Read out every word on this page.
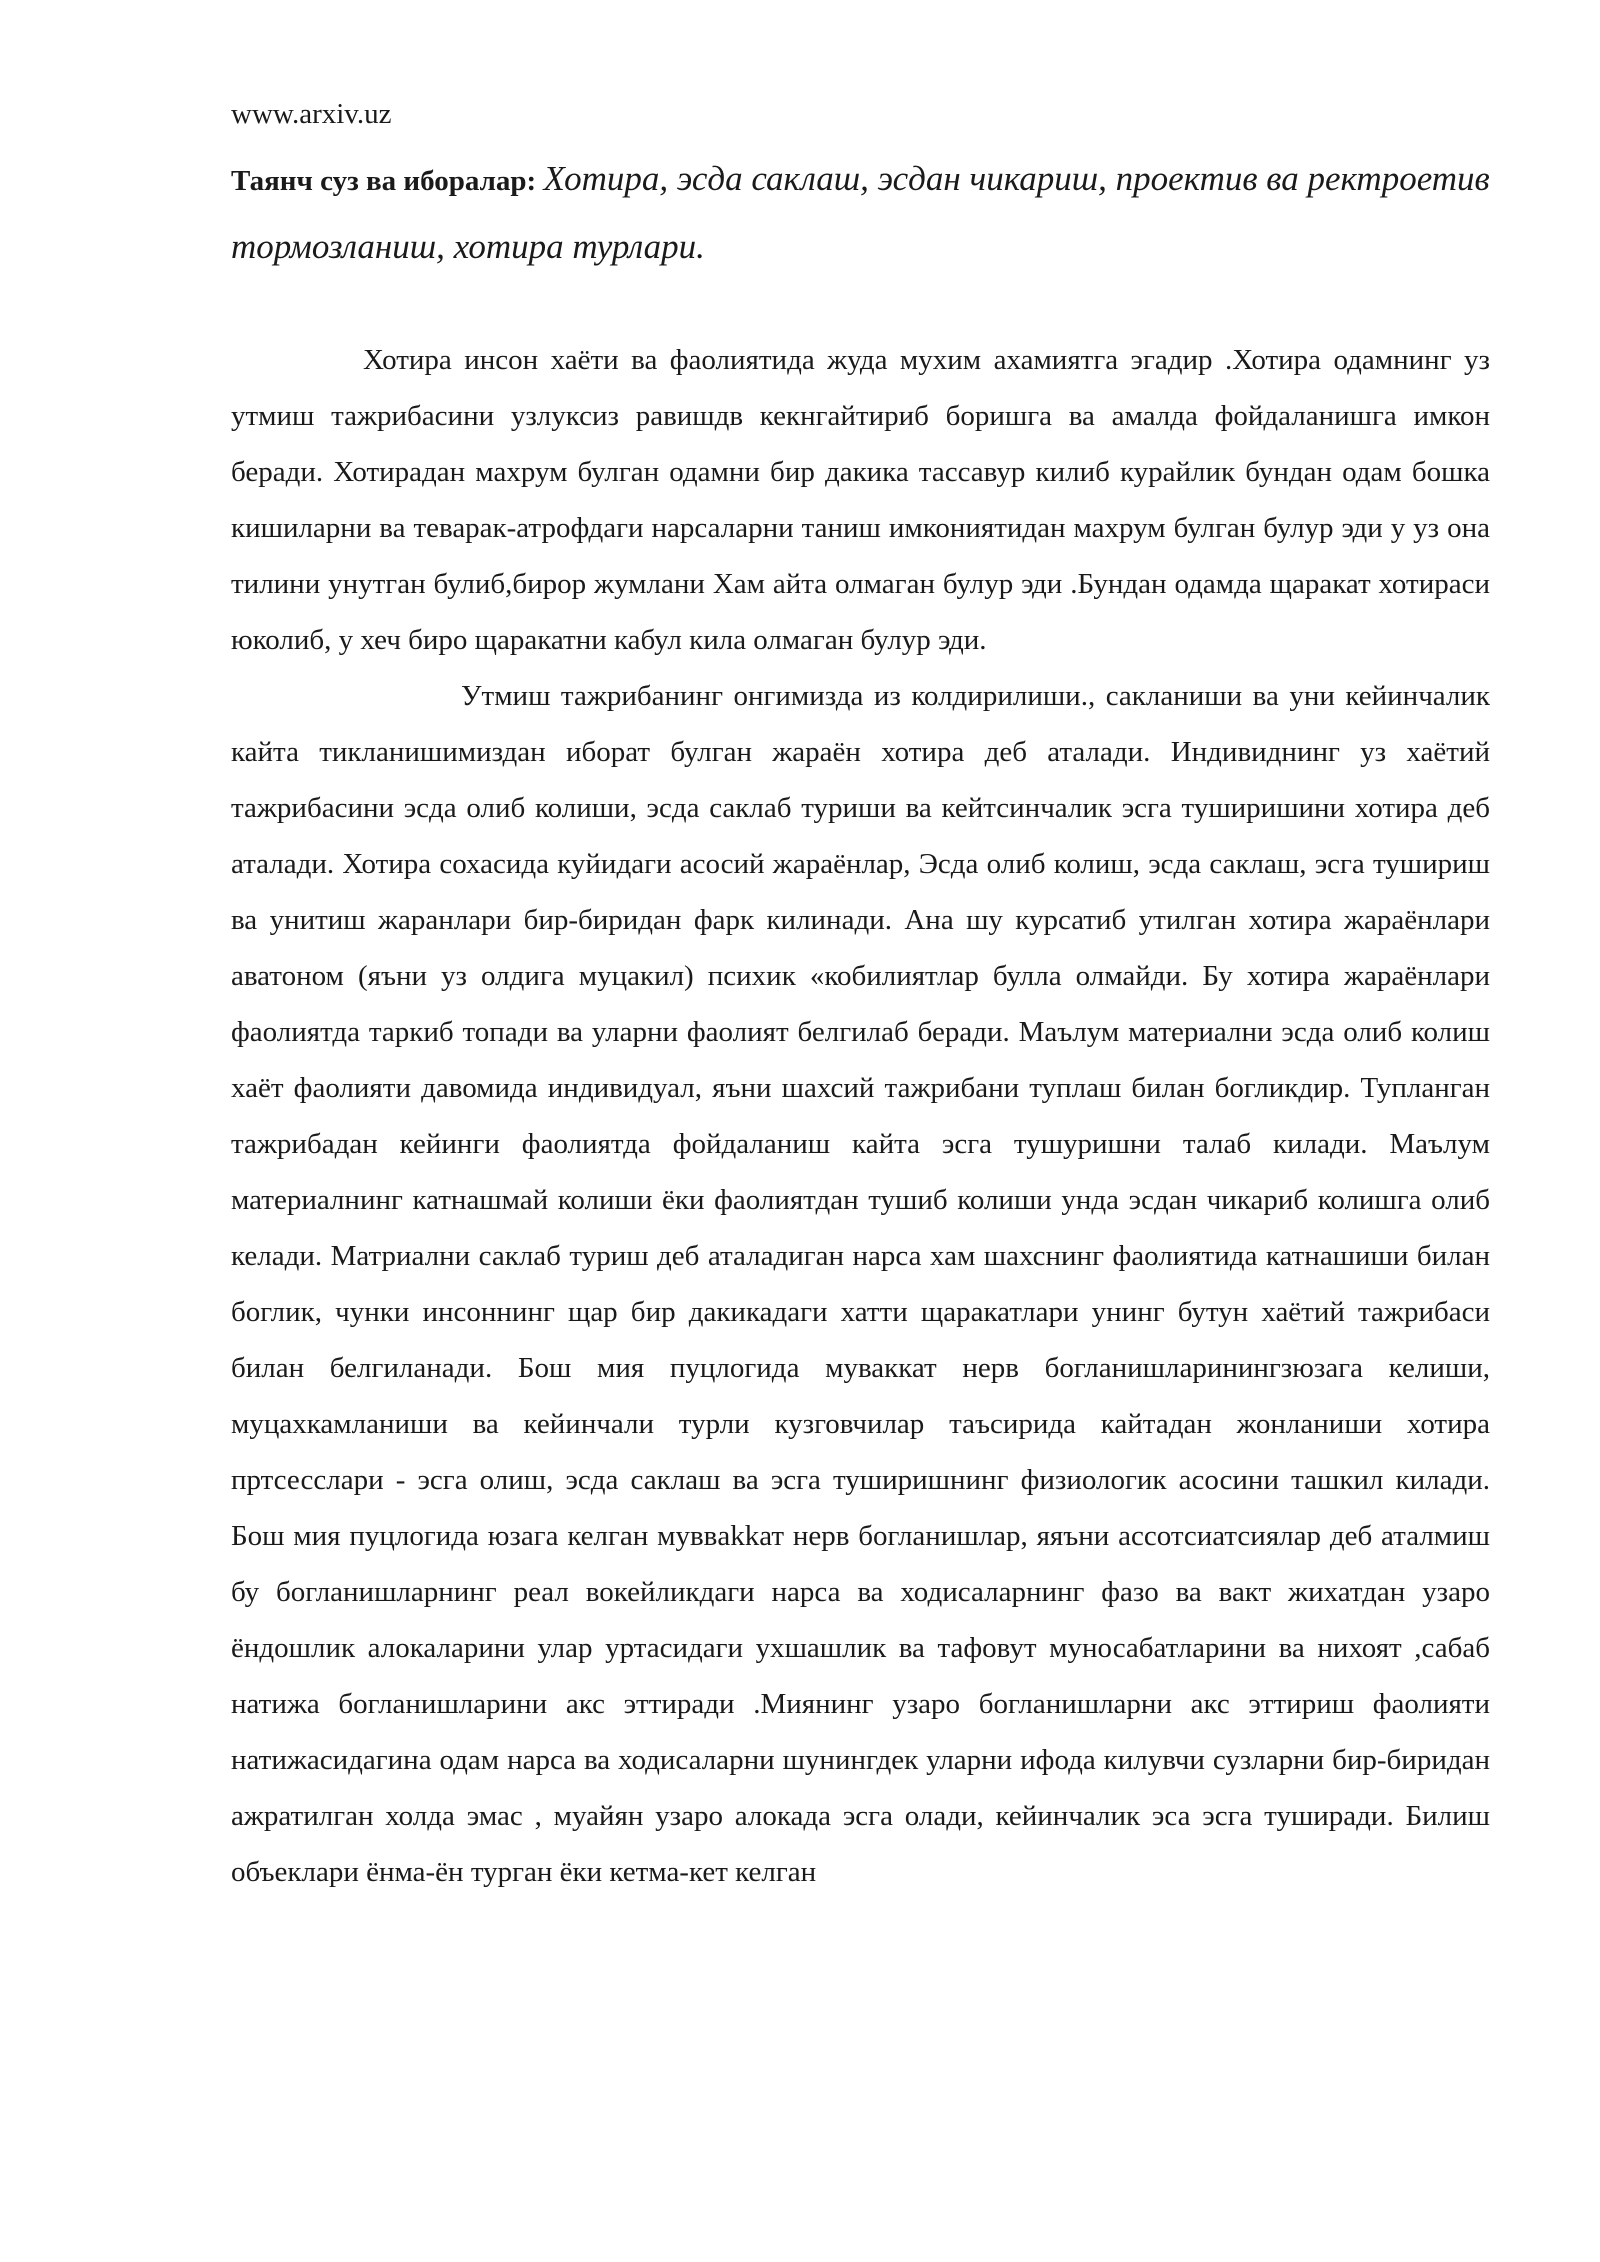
www.arxiv.uz

Таянч суз ва иборалар: Хотира, эсда саклаш, эсдан чикариш, проектив ва ректроетив тормозланиш, хотира турлари.

Хотира инсон хаёти ва фаолиятида жуда мухим ахамиятга эгадир .Хотира одамнинг уз утмиш тажрибасини узлуксиз равишдв кекнгайтириб боришга ва амалда фойдаланишга имкон беради. Хотирадан махрум булган одамни бир дакика тассавур килиб курайлик бундан одам бошка кишиларни ва теварак-атрофдаги нарсаларни таниш имкониятидан махрум булган булур эди у уз она тилини унутган булиб,бирор жумлани Хам айта олмаган булур эди .Бундан одамда щаракат хотираси юколиб, у хеч биро щаракатни кабул кила олмаган булур эди.

Утмиш тажрибанинг онгимизда из колдирилиши., сакланиши ва уни кейинчалик кайта тикланишимиздан иборат булган жараён хотира деб аталади. Индивиднинг уз хаётий тажрибасини эсда олиб колиши, эсда саклаб туриши ва кейтсинчалик эсга туширишини хотира деб аталади. Хотира сохасида куйидаги асосий жараёнлар, Эсда олиб колиш, эсда саклаш, эсга тушириш ва унитиш жаранлари бир-биридан фарк килинади. Ана шу курсатиб утилган хотира жараёнлари аватоном (яъни уз олдига муцакил) психик «кобилиятлар булла олмайди. Бу хотира жараёнлари фаолиятда таркиб топади ва уларни фаолият белгилаб беради. Маълум материални эсда олиб колиш хаёт фаолияти давомида индивидуал, яъни шахсий тажрибани туплаш билан богликдир. Тупланган тажрибадан кейинги фаолиятда фойдаланиш кайта эсга тушуришни талаб килади. Маълум материалнинг катнашмай колиши ёки фаолиятдан тушиб колиши унда эсдан чикариб колишга олиб келади. Матриални саклаб туриш деб аталадиган нарса хам шахснинг фаолиятида катнашиши билан боглик, чунки инсоннинг щар бир дакикадаги хатти щаракатлари унинг бутун хаётий тажрибаси билан белгиланади. Бош мия пуцлогида муваккат нерв богланишларинингзюзага келиши, муцахкамланиши ва кейинчали турли кузговчилар таъсирида кайтадан жонланиши хотира пртсесслари - эсга олиш, эсда саклаш ва эсга туширишнинг физиологик асосини ташкил килади. Бош мия пуцлогида юзага келган муввakkат нерв богланишлар, яяъни ассотсиатсиялар деб аталмиш бу богланишларнинг реал вокейликдаги нарса ва ходисаларнинг фазо ва вакт жихатдан узаро ёндошлик алокаларини улар уртасидаги ухшашлик ва тафовут муносабатларини ва нихоят ,сабаб натижа богланишларини акс эттиради .Миянинг узаро богланишларни акс эттириш фаолияти натижасидагина одам нарса ва ходисаларни шунингдек уларни ифода килувчи сузларни бир-биридан ажратилган холда эмас , муайян узаро алокада эсга олади, кейинчалик эса эсга туширади. Билиш объеклари ёнма-ён турган ёки кетма-кет келган
